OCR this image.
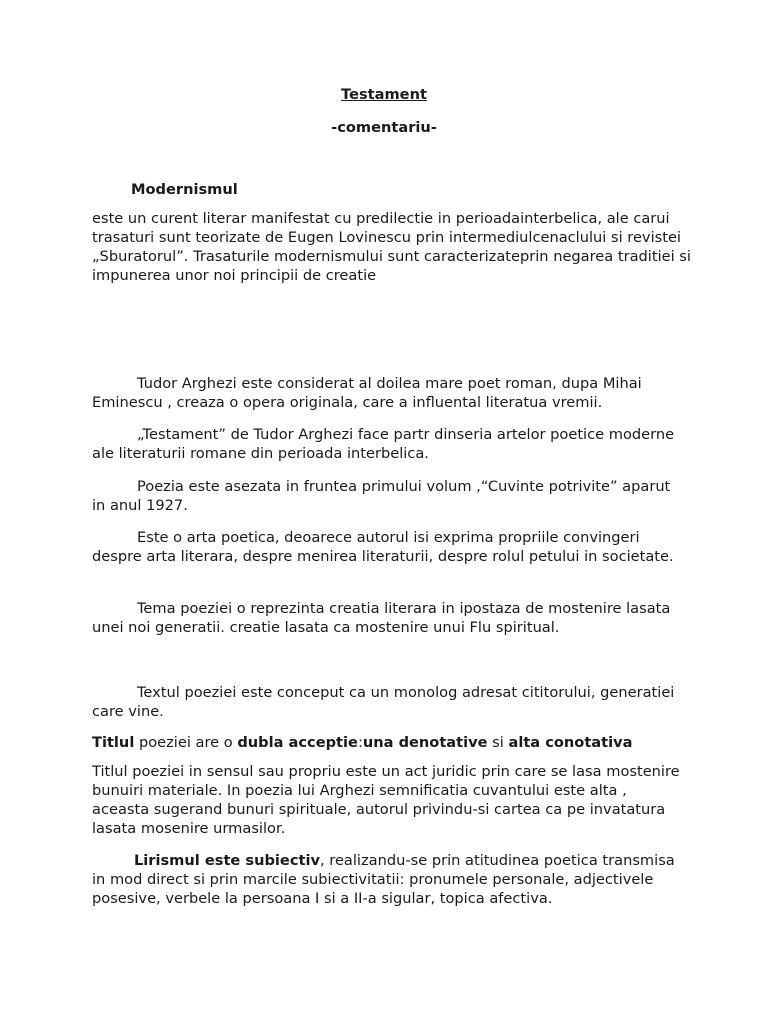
Testament

-comentariu-

Modernismul

este un curent literar manifestat cu predilectie in perioadainterbelica, ale carui trasaturi sunt teorizate de Eugen Lovinescu prin intermediulcenaclului si revistei „Sburatorul”. Trasaturile modernismului sunt caracterizateprin negarea traditiei si impunerea unor noi principii de creatie

Tudor Arghezi este considerat al doilea mare poet roman, dupa Mihai Eminescu , creaza o opera originala, care a influental literatua vremii.

„Testament” de Tudor Arghezi face partr dinseria artelor poetice moderne ale literaturii romane din perioada interbelica.

Poezia este asezata in fruntea primului volum ,“Cuvinte potrivite” aparut in anul 1927.

Este o arta poetica, deoarece autorul isi exprima propriile convingeri despre arta literara, despre menirea literaturii, despre rolul petului in societate.

Tema poeziei o reprezinta creatia literara in ipostaza de mostenire lasata unei noi generatii. creatie lasata ca mostenire unui Flu spiritual.

Textul poeziei este conceput ca un monolog adresat cititorului, generatiei care vine.

Titlul poeziei are o dubla acceptie:una denotative si alta conotativa

Titlul poeziei in sensul sau propriu este un act juridic prin care se lasa mostenire bunuiri materiale. In poezia lui Arghezi semnificatia cuvantului este alta , aceasta sugerand bunuri spirituale, autorul privindu-si cartea ca pe invatatura lasata mosenire urmasilor.

Lirismul este subiectiv, realizandu-se prin atitudinea poetica transmisa in mod direct si prin marcile subiectivitatii: pronumele personale, adjectivele posesive, verbele la persoana I si a II-a sigular, topica afectiva.
